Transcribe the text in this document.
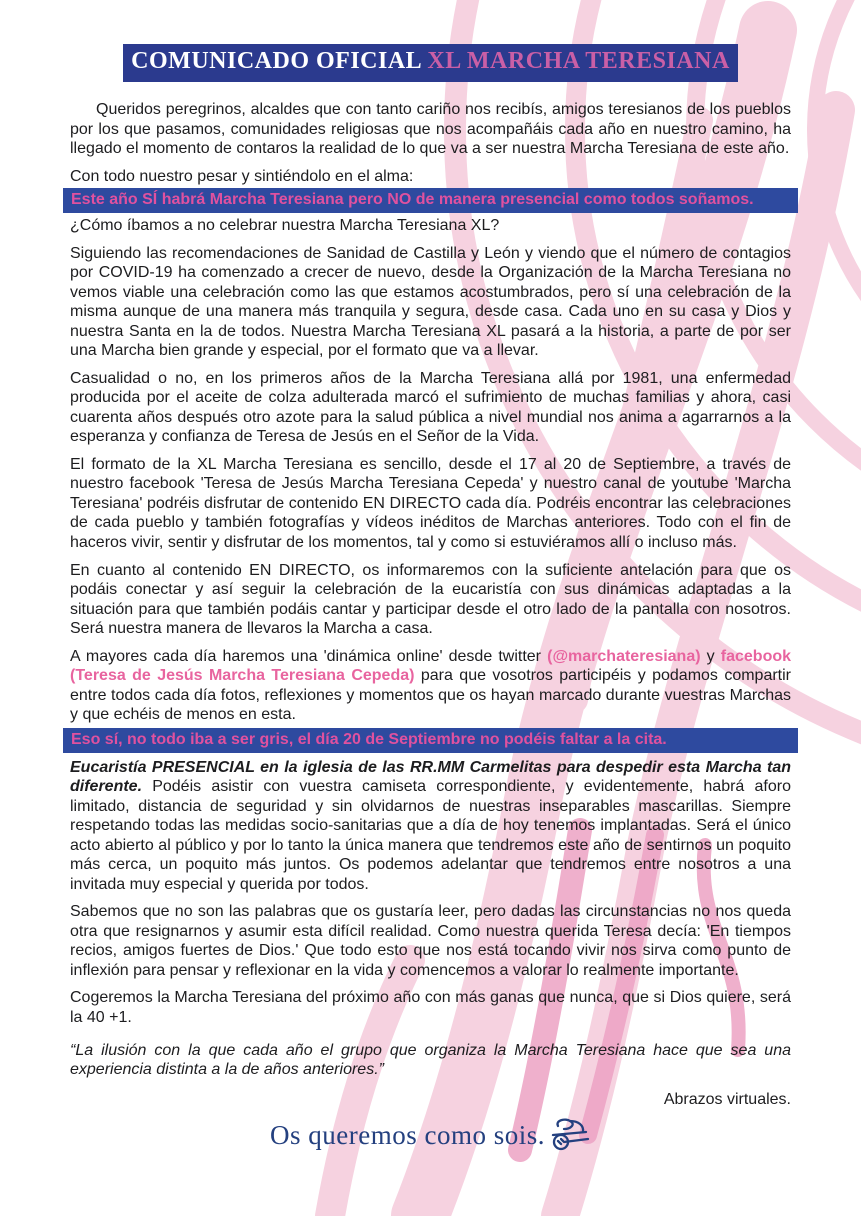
COMUNICADO OFICIAL XL MARCHA TERESIANA

Queridos peregrinos, alcaldes que con tanto cariño nos recibís, amigos teresianos de los pueblos por los que pasamos, comunidades religiosas que nos acompañáis cada año en nuestro camino, ha llegado el momento de contaros la realidad de lo que va a ser nuestra Marcha Teresiana de este año.

Con todo nuestro pesar y sintiéndolo en el alma:

Este año SÍ habrá Marcha Teresiana pero NO de manera presencial como todos soñamos.

¿Cómo íbamos a no celebrar nuestra Marcha Teresiana XL?

Siguiendo las recomendaciones de Sanidad de Castilla y León y viendo que el número de contagios por COVID-19 ha comenzado a crecer de nuevo, desde la Organización de la Marcha Teresiana no vemos viable una celebración como las que estamos acostumbrados, pero sí una celebración de la misma aunque de una manera más tranquila y segura, desde casa. Cada uno en su casa y Dios y nuestra Santa en la de todos. Nuestra Marcha Teresiana XL pasará a la historia, a parte de por ser una Marcha bien grande y especial, por el formato que va a llevar.

Casualidad o no, en los primeros años de la Marcha Teresiana allá por 1981, una enfermedad producida por el aceite de colza adulterada marcó el sufrimiento de muchas familias y ahora, casi cuarenta años después otro azote para la salud pública a nivel mundial nos anima a agarrarnos a la esperanza y confianza de Teresa de Jesús en el Señor de la Vida.

El formato de la XL Marcha Teresiana es sencillo, desde el 17 al 20 de Septiembre, a través de nuestro facebook 'Teresa de Jesús Marcha Teresiana Cepeda' y nuestro canal de youtube 'Marcha Teresiana' podréis disfrutar de contenido EN DIRECTO cada día. Podréis encontrar las celebraciones de cada pueblo y también fotografías y vídeos inéditos de Marchas anteriores. Todo con el fin de haceros vivir, sentir y disfrutar de los momentos, tal y como si estuviéramos allí o incluso más.

En cuanto al contenido EN DIRECTO, os informaremos con la suficiente antelación para que os podáis conectar y así seguir la celebración de la eucaristía con sus dinámicas adaptadas a la situación para que también podáis cantar y participar desde el otro lado de la pantalla con nosotros. Será nuestra manera de llevaros la Marcha a casa.

A mayores cada día haremos una 'dinámica online' desde twitter (@marchateresiana) y facebook (Teresa de Jesús Marcha Teresiana Cepeda) para que vosotros participéis y podamos compartir entre todos cada día fotos, reflexiones y momentos que os hayan marcado durante vuestras Marchas y que echéis de menos en esta.

Eso sí, no todo iba a ser gris, el día 20 de Septiembre no podéis faltar a la cita.

Eucaristía PRESENCIAL en la iglesia de las RR.MM Carmelitas para despedir esta Marcha tan diferente. Podéis asistir con vuestra camiseta correspondiente, y evidentemente, habrá aforo limitado, distancia de seguridad y sin olvidarnos de nuestras inseparables mascarillas. Siempre respetando todas las medidas socio-sanitarias que a día de hoy tenemos implantadas. Será el único acto abierto al público y por lo tanto la única manera que tendremos este año de sentirnos un poquito más cerca, un poquito más juntos. Os podemos adelantar que tendremos entre nosotros a una invitada muy especial y querida por todos.

Sabemos que no son las palabras que os gustaría leer, pero dadas las circunstancias no nos queda otra que resignarnos y asumir esta difícil realidad. Como nuestra querida Teresa decía: 'En tiempos recios, amigos fuertes de Dios.' Que todo esto que nos está tocando vivir nos sirva como punto de inflexión para pensar y reflexionar en la vida y comencemos a valorar lo realmente importante.

Cogeremos la Marcha Teresiana del próximo año con más ganas que nunca, que si Dios quiere, será la 40 +1.

“La ilusión con la que cada año el grupo que organiza la Marcha Teresiana hace que sea una experiencia distinta a la de años anteriores.”

Abrazos virtuales.

Os queremos como sois.
